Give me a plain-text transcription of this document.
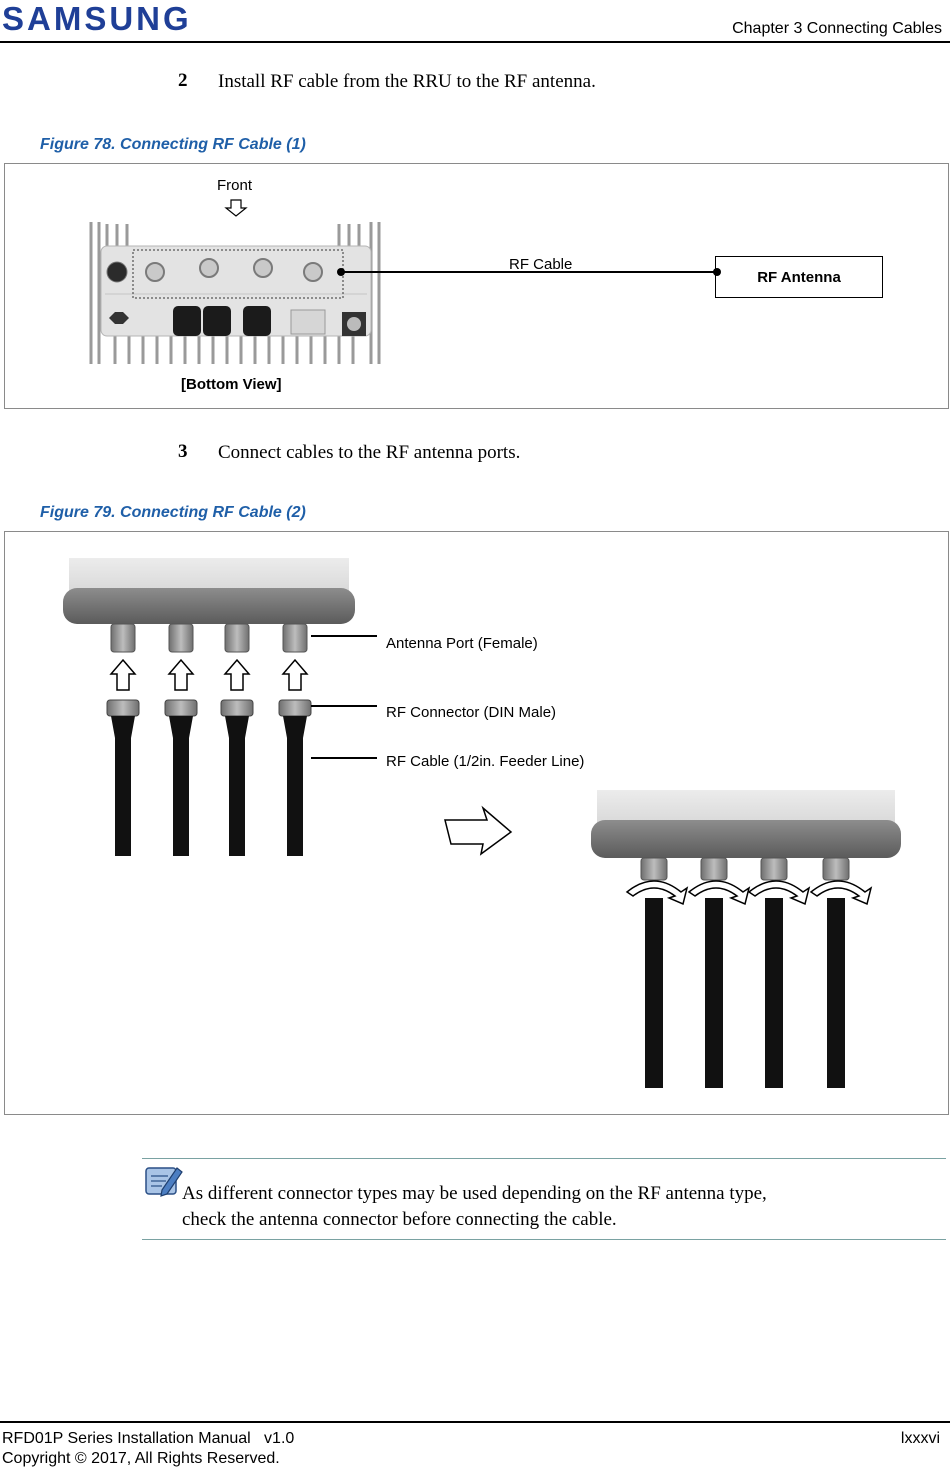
SAMSUNG	Chapter 3 Connecting Cables
2 Install RF cable from the RRU to the RF antenna.
Figure 78. Connecting RF Cable (1)
Front
[Bottom View]
RF Cable
RF Antenna
3 Connect cables to the RF antenna ports.
Figure 79. Connecting RF Cable (2)
Antenna Port (Female)
RF Connector (DIN Male)
RF Cable (1/2in. Feeder Line)
As different connector types may be used depending on the RF antenna type,
check the antenna connector before connecting the cable.
RFD01P Series Installation Manual   v1.0	lxxxvi
Copyright © 2017, All Rights Reserved.
